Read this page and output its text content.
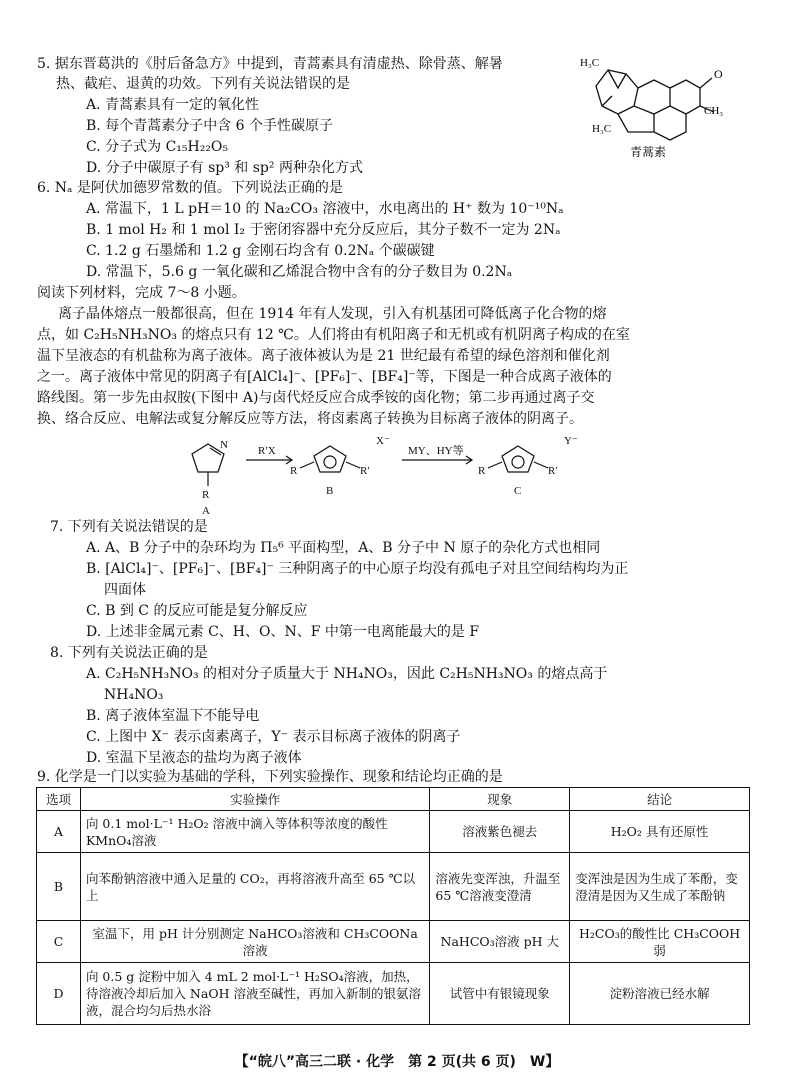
5. 据东晋葛洪的《肘后备急方》中提到，青蒿素具有清虚热、除骨蒸、解暑
热、截疟、退黄的功效。下列有关说法错误的是
A. 青蒿素具有一定的氧化性
B. 每个青蒿素分子中含 6 个手性碳原子
C. 分子式为 C₁₅H₂₂O₅
D. 分子中碳原子有 sp³ 和 sp² 两种杂化方式
H₃C
O
CH₃
H₃C
青蒿素
6. Nₐ 是阿伏加德罗常数的值。下列说法正确的是
A. 常温下，1 L pH＝10 的 Na₂CO₃ 溶液中，水电离出的 H⁺ 数为 10⁻¹⁰Nₐ
B. 1 mol H₂ 和 1 mol I₂ 于密闭容器中充分反应后，其分子数不一定为 2Nₐ
C. 1.2 g 石墨烯和 1.2 g 金刚石均含有 0.2Nₐ 个碳碳键
D. 常温下，5.6 g 一氧化碳和乙烯混合物中含有的分子数目为 0.2Nₐ
阅读下列材料，完成 7～8 小题。
离子晶体熔点一般都很高，但在 1914 年有人发现，引入有机基团可降低离子化合物的熔
点，如 C₂H₅NH₃NO₃ 的熔点只有 12 ℃。人们将由有机阳离子和无机或有机阴离子构成的在室
温下呈液态的有机盐称为离子液体。离子液体被认为是 21 世纪最有希望的绿色溶剂和催化剂
之一。离子液体中常见的阴离子有[AlCl₄]⁻、[PF₆]⁻、[BF₄]⁻等，下图是一种合成离子液体的
路线图。第一步先由叔胺(下图中 A)与卤代烃反应合成季铵的卤化物；第二步再通过离子交
换、络合反应、电解法或复分解反应等方法，将卤素离子转换为目标离子液体的阴离子。
N
R
A
R′X
R	R′
X⁻
B
MY、HY等
R	R′
Y⁻
C
7. 下列有关说法错误的是
A. A、B 分子中的杂环均为 Π₅⁶ 平面构型，A、B 分子中 N 原子的杂化方式也相同
B. [AlCl₄]⁻、[PF₆]⁻、[BF₄]⁻ 三种阴离子的中心原子均没有孤电子对且空间结构均为正
四面体
C. B 到 C 的反应可能是复分解反应
D. 上述非金属元素 C、H、O、N、F 中第一电离能最大的是 F
8. 下列有关说法正确的是
A. C₂H₅NH₃NO₃ 的相对分子质量大于 NH₄NO₃，因此 C₂H₅NH₃NO₃ 的熔点高于
NH₄NO₃
B. 离子液体室温下不能导电
C. 上图中 X⁻ 表示卤素离子，Y⁻ 表示目标离子液体的阴离子
D. 室温下呈液态的盐均为离子液体
9. 化学是一门以实验为基础的学科，下列实验操作、现象和结论均正确的是
选项	实验操作	现象	结论
A	向 0.1 mol·L⁻¹ H₂O₂ 溶液中滴入等体积等浓度的酸性 KMnO₄溶液	溶液紫色褪去	H₂O₂ 具有还原性
B	向苯酚钠溶液中通入足量的 CO₂，再将溶液升高至 65 ℃以上	溶液先变浑浊，升温至 65 ℃溶液变澄清	变浑浊是因为生成了苯酚，变澄清是因为又生成了苯酚钠
C	室温下，用 pH 计分别测定 NaHCO₃溶液和 CH₃COONa 溶液	NaHCO₃溶液 pH 大	H₂CO₃的酸性比 CH₃COOH 弱
D	向 0.5 g 淀粉中加入 4 mL 2 mol·L⁻¹ H₂SO₄溶液，加热，待溶液冷却后加入 NaOH 溶液至碱性，再加入新制的银氨溶液，混合均匀后热水浴	试管中有银镜现象	淀粉溶液已经水解
【“皖八”高三二联 · 化学　第 2 页(共 6 页)　W】
